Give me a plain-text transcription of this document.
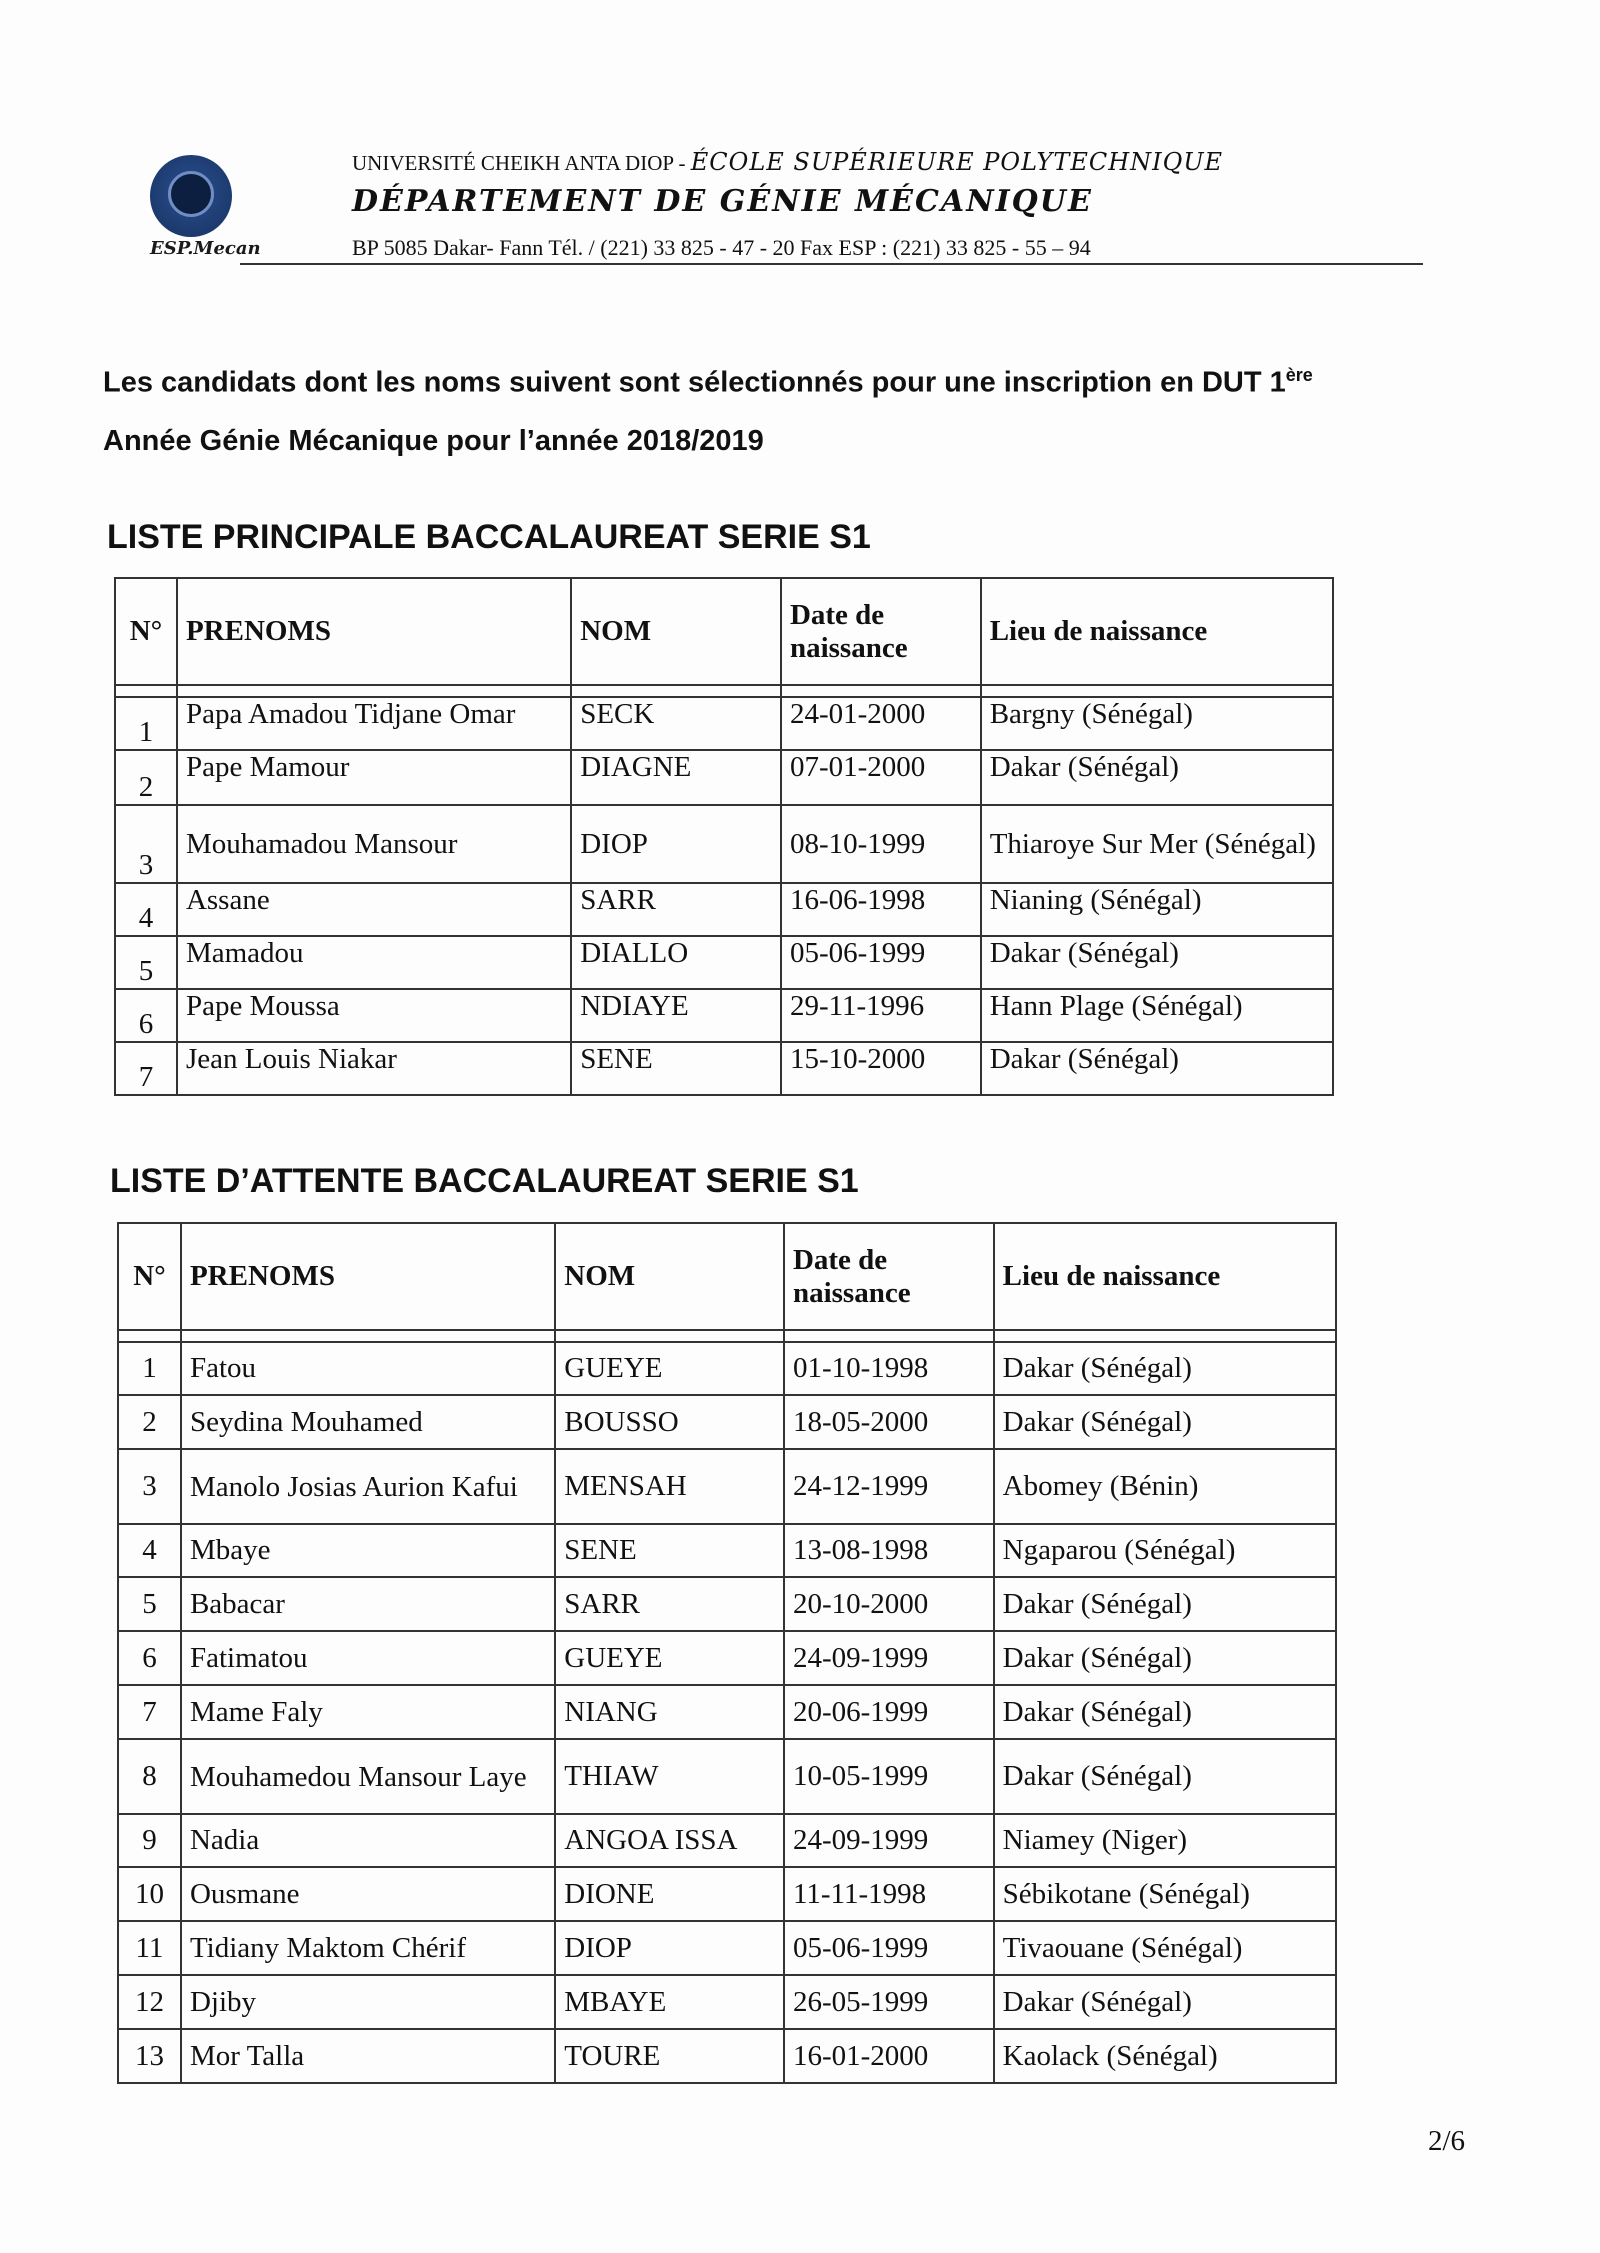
ESP.Mecan
UNIVERSITÉ CHEIKH ANTA DIOP - ÉCOLE SUPÉRIEURE POLYTECHNIQUE
DÉPARTEMENT DE GÉNIE MÉCANIQUE
BP 5085 Dakar- Fann Tél. / (221) 33 825 - 47 - 20 Fax ESP : (221) 33 825 - 55 – 94
Les candidats dont les noms suivent sont sélectionnés pour une inscription en DUT 1ère
Année Génie Mécanique pour l’année 2018/2019
LISTE PRINCIPALE BACCALAUREAT SERIE S1
N°	PRENOMS	NOM	Date de naissance	Lieu de naissance

1	Papa Amadou Tidjane Omar	SECK	24-01-2000	Bargny (Sénégal)
2	Pape Mamour	DIAGNE	07-01-2000	Dakar (Sénégal)
3	Mouhamadou Mansour	DIOP	08-10-1999	Thiaroye Sur Mer (Sénégal)
4	Assane	SARR	16-06-1998	Nianing (Sénégal)
5	Mamadou	DIALLO	05-06-1999	Dakar (Sénégal)
6	Pape Moussa	NDIAYE	29-11-1996	Hann Plage (Sénégal)
7	Jean Louis Niakar	SENE	15-10-2000	Dakar (Sénégal)
LISTE D’ATTENTE BACCALAUREAT SERIE S1
N°	PRENOMS	NOM	Date de naissance	Lieu de naissance

1	Fatou	GUEYE	01-10-1998	Dakar (Sénégal)
2	Seydina Mouhamed	BOUSSO	18-05-2000	Dakar (Sénégal)
3	Manolo Josias Aurion Kafui	MENSAH	24-12-1999	Abomey (Bénin)
4	Mbaye	SENE	13-08-1998	Ngaparou (Sénégal)
5	Babacar	SARR	20-10-2000	Dakar (Sénégal)
6	Fatimatou	GUEYE	24-09-1999	Dakar (Sénégal)
7	Mame Faly	NIANG	20-06-1999	Dakar (Sénégal)
8	Mouhamedou Mansour Laye	THIAW	10-05-1999	Dakar (Sénégal)
9	Nadia	ANGOA ISSA	24-09-1999	Niamey (Niger)
10	Ousmane	DIONE	11-11-1998	Sébikotane (Sénégal)
11	Tidiany Maktom Chérif	DIOP	05-06-1999	Tivaouane (Sénégal)
12	Djiby	MBAYE	26-05-1999	Dakar (Sénégal)
13	Mor Talla	TOURE	16-01-2000	Kaolack (Sénégal)
2/6
